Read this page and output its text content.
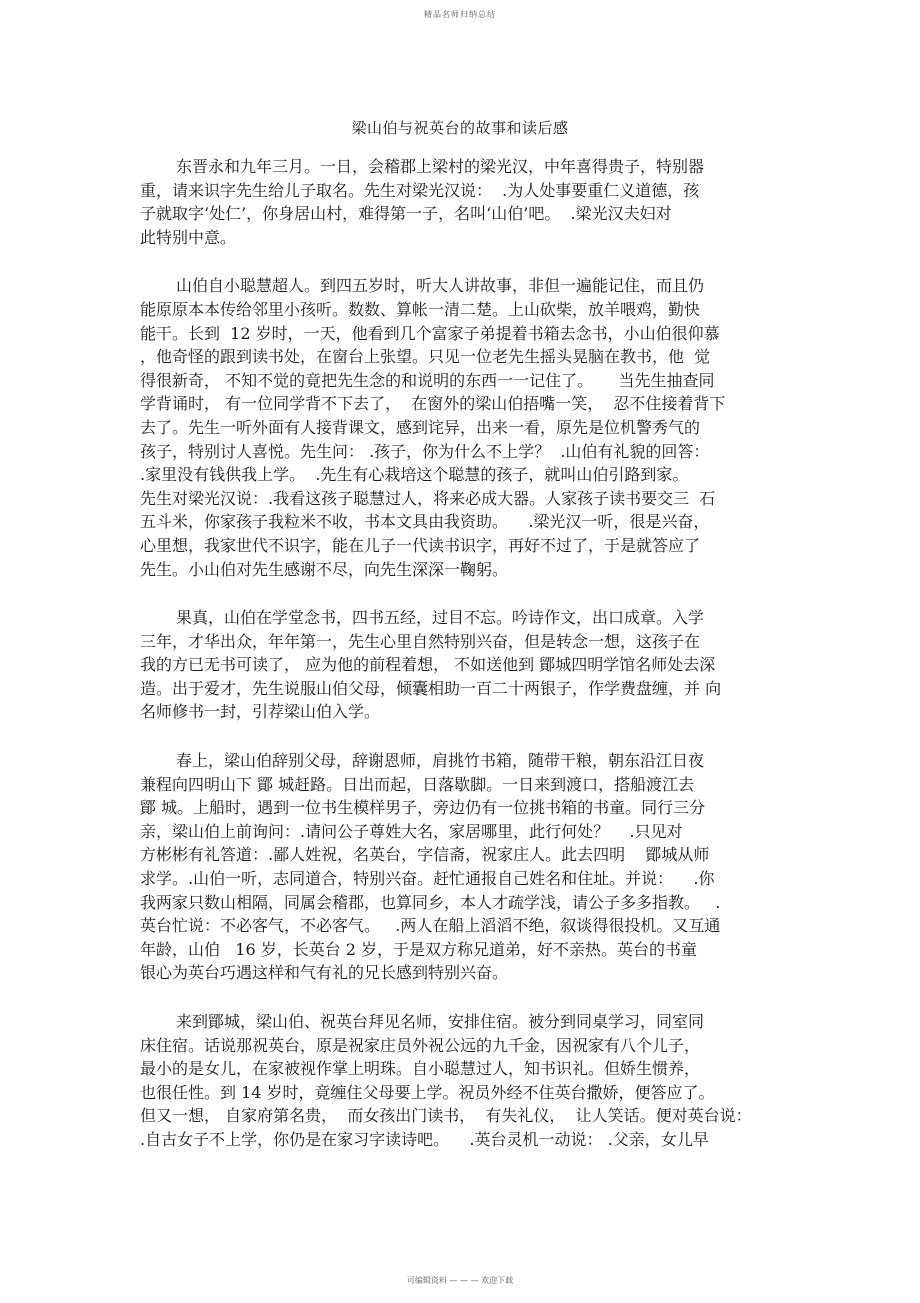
精品名师归纳总结
梁山伯与祝英台的故事和读后感
东晋永和九年三月。一日，会稽郡上梁村的梁光汉，中年喜得贵子，特别器
重，请来识字先生给儿子取名。先生对梁光汉说：  .为人处事要重仁义道德，孩
子就取字‘处仁’，你身居山村，难得第一子，名叫‘山伯’吧。  .梁光汉夫妇对
此特别中意。
山伯自小聪慧超人。到四五岁时，听大人讲故事，非但一遍能记住，而且仍
能原原本本传给邻里小孩听。数数、算帐一清二楚。上山砍柴，放羊喂鸡，勤快
能干。长到  12 岁时，一天，他看到几个富家子弟提着书箱去念书，小山伯很仰慕
，他奇怪的跟到读书处，在窗台上张望。只见一位老先生摇头晃脑在教书，他  觉
得很新奇， 不知不觉的竟把先生念的和说明的东西一一记住了。     当先生抽查同
学背诵时， 有一位同学背不下去了，  在窗外的梁山伯捂嘴一笑，  忍不住接着背下
去了。先生一听外面有人接背课文，感到诧异，出来一看，原先是位机警秀气的
孩子，特别讨人喜悦。先生问： .孩子，你为什么不上学？  .山伯有礼貌的回答：
.家里没有钱供我上学。  .先生有心栽培这个聪慧的孩子，就叫山伯引路到家。
先生对梁光汉说：.我看这孩子聪慧过人，将来必成大器。人家孩子读书要交三  石
五斗米，你家孩子我粒米不收，书本文具由我资助。    .梁光汉一听，很是兴奋，
心里想，我家世代不识字，能在儿子一代读书识字，再好不过了，于是就答应了
先生。小山伯对先生感谢不尽，向先生深深一鞠躬。
果真，山伯在学堂念书，四书五经，过目不忘。吟诗作文，出口成章。入学
三年，才华出众，年年第一，先生心里自然特别兴奋，但是转念一想，这孩子在
我的方已无书可读了， 应为他的前程着想， 不如送他到 鄮城四明学馆名师处去深
造。出于爱才，先生说服山伯父母，倾囊相助一百二十两银子，作学费盘缠，并 向
名师修书一封，引荐梁山伯入学。
春上，梁山伯辞别父母，辞谢恩师，肩挑竹书箱，随带干粮，朝东沿江日夜
兼程向四明山下 鄮 城赶路。日出而起，日落歇脚。一日来到渡口，搭船渡江去
鄮 城。上船时，遇到一位书生模样男子，旁边仍有一位挑书箱的书童。同行三分
亲，梁山伯上前询问：.请问公子尊姓大名，家居哪里，此行何处？    .只见对
方彬彬有礼答道：.鄙人姓祝，名英台，字信斋，祝家庄人。此去四明    鄮城从师
求学。.山伯一听，志同道合，特别兴奋。赶忙通报自己姓名和住址。并说：    .你
我两家只数山相隔，同属会稽郡，也算同乡，本人才疏学浅，请公子多多指教。   .
英台忙说：不必客气，不必客气。   .两人在船上滔滔不绝，叙谈得很投机。又互通
年龄，山伯   16 岁，长英台 2 岁，于是双方称兄道弟，好不亲热。英台的书童
银心为英台巧遇这样和气有礼的兄长感到特别兴奋。
来到鄮城，梁山伯、祝英台拜见名师，安排住宿。被分到同桌学习，同室同
床住宿。话说那祝英台，原是祝家庄员外祝公远的九千金，因祝家有八个儿子，
最小的是女儿，在家被视作掌上明珠。自小聪慧过人，知书识礼。但娇生惯养，
也很任性。到 14 岁时，竟缠住父母要上学。祝员外经不住英台撒娇，便答应了。
但又一想， 自家府第名贵，  而女孩出门读书，  有失礼仪，  让人笑话。便对英台说：
.自古女子不上学，你仍是在家习字读诗吧。    .英台灵机一动说： .父亲，女儿早
可编辑资料 — — — 欢迎下载
